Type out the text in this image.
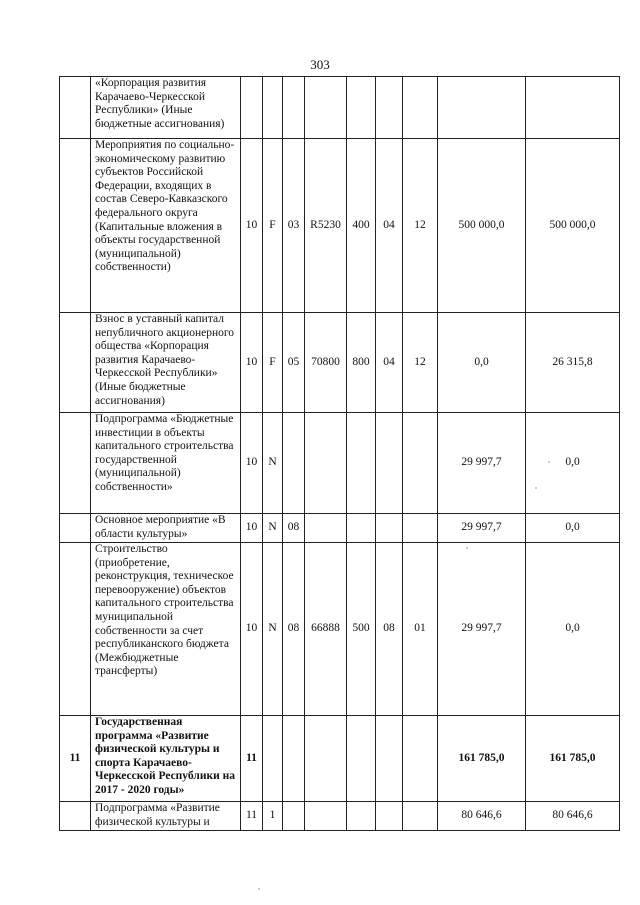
303
	«Корпорация развития Карачаево-Черкесской Республики» (Иные бюджетные ассигнования)									
	Мероприятия по социально-экономическому развитию субъектов Российской Федерации, входящих в состав Северо-Кавказского федерального округа (Капитальные вложения в объекты государственной (муниципальной) собственности)	10	F	03	R5230	400	04	12	500 000,0	500 000,0
	Взнос в уставный капитал непубличного акционерного общества «Корпорация развития Карачаево-Черкесской Республики» (Иные бюджетные ассигнования)	10	F	05	70800	800	04	12	0,0	26 315,8
	Подпрограмма «Бюджетные инвестиции в объекты капитального строительства государственной (муниципальной) собственности»	10	N						29 997,7	0,0
	Основное мероприятие «В области культуры»	10	N	08					29 997,7	0,0
	Строительство (приобретение, реконструкция, техническое перевооружение) объектов капитального строительства муниципальной собственности за счет республиканского бюджета (Межбюджетные трансферты)	10	N	08	66888	500	08	01	29 997,7	0,0
11	Государственная программа «Развитие физической культуры и спорта Карачаево-Черкесской Республики на 2017 - 2020 годы»	11							161 785,0	161 785,0
	Подпрограмма «Развитие физической культуры и	11	1						80 646,6	80 646,6
